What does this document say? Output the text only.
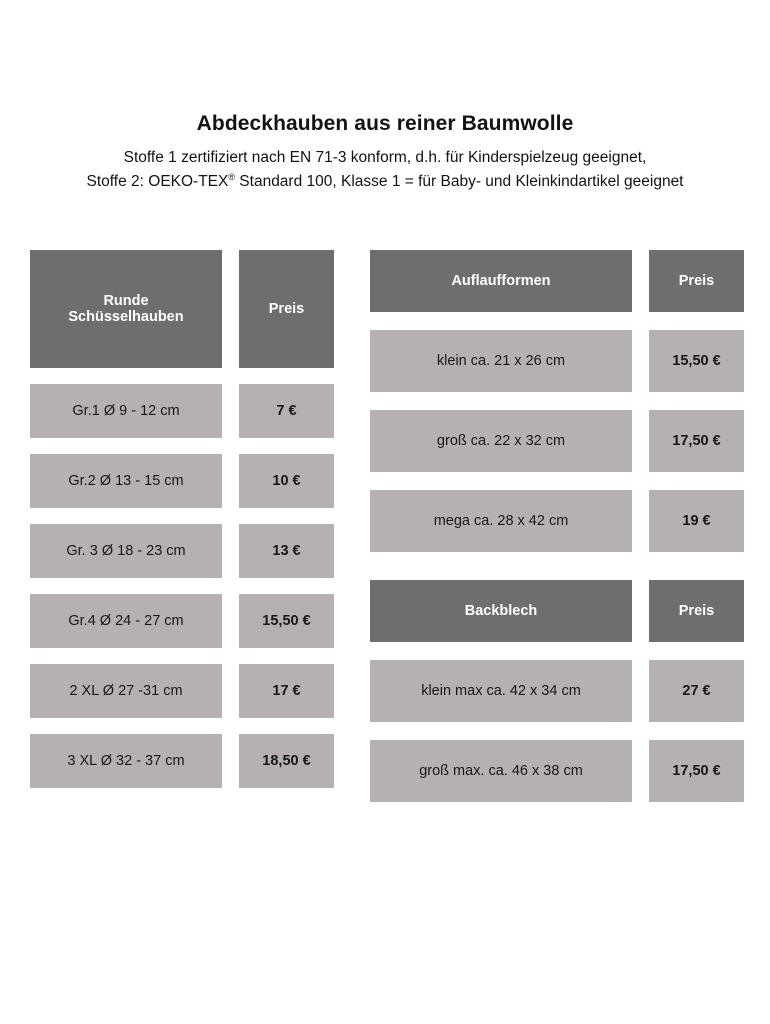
Abdeckhauben aus reiner Baumwolle
Stoffe 1 zertifiziert nach EN 71-3 konform, d.h. für Kinderspielzeug geeignet,
Stoffe 2: OEKO-TEX® Standard 100, Klasse 1 = für Baby- und Kleinkindartikel geeignet
Runde
Schüsselhauben		Preis

Gr.1 Ø 9 - 12 cm		7 €

Gr.2 Ø 13 - 15 cm		10 €

Gr. 3 Ø 18 - 23 cm		13 €

Gr.4 Ø 24 - 27 cm		15,50 €

2 XL Ø 27 -31 cm		17 €

3 XL Ø 32 - 37 cm		18,50 €
Auflaufformen		Preis

klein ca. 21 x 26 cm		15,50 €

groß ca. 22 x 32 cm		17,50 €

mega ca. 28 x 42 cm		19 €
Backblech		Preis

klein max ca. 42 x 34 cm		27 €

groß max. ca. 46 x 38 cm		17,50 €
